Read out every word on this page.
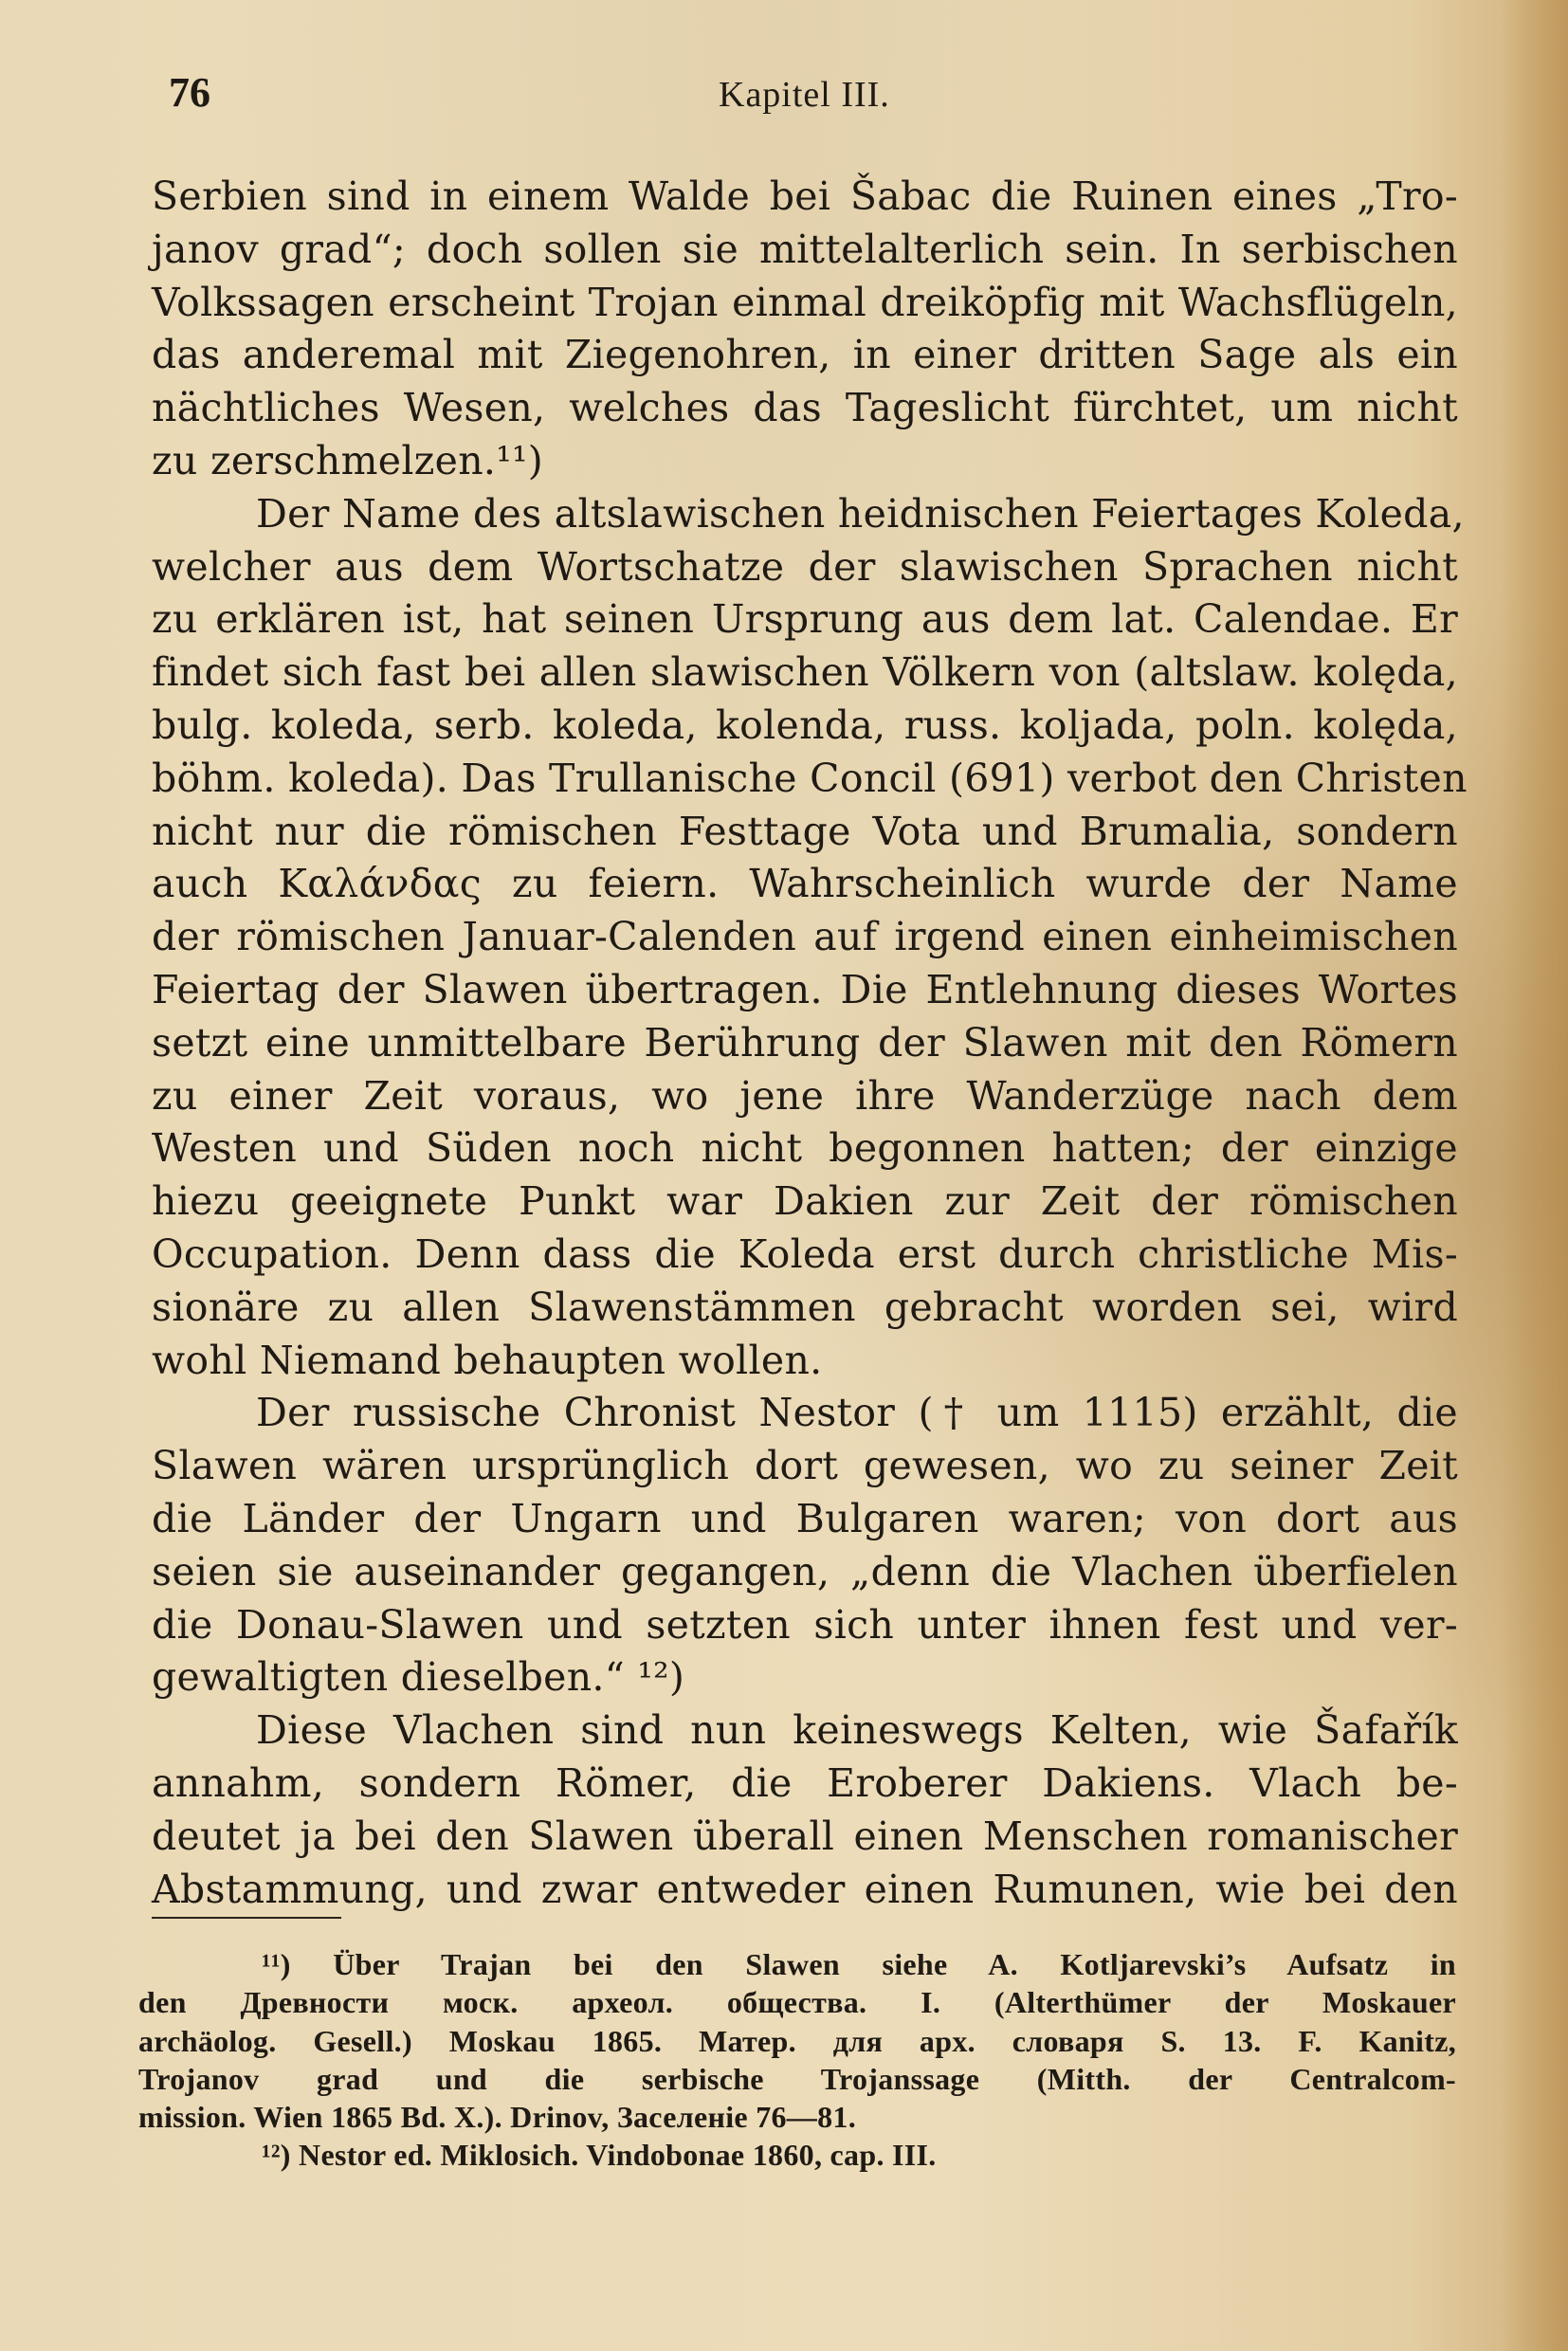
76	Kapitel III.
Serbien sind in einem Walde bei Šabac die Ruinen eines „Tro-
janov grad“; doch sollen sie mittelalterlich sein. In serbischen
Volkssagen erscheint Trojan einmal dreiköpfig mit Wachsflügeln,
das anderemal mit Ziegenohren, in einer dritten Sage als ein
nächtliches Wesen, welches das Tageslicht fürchtet, um nicht
zu zerschmelzen.¹¹)
Der Name des altslawischen heidnischen Feiertages Koleda,
welcher aus dem Wortschatze der slawischen Sprachen nicht
zu erklären ist, hat seinen Ursprung aus dem lat. Calendae. Er
findet sich fast bei allen slawischen Völkern von (altslaw. kolęda,
bulg. koleda, serb. koleda, kolenda, russ. koljada, poln. kolęda,
böhm. koleda). Das Trullanische Concil (691) verbot den Christen
nicht nur die römischen Festtage Vota und Brumalia, sondern
auch Καλάνδας zu feiern. Wahrscheinlich wurde der Name
der römischen Januar-Calenden auf irgend einen einheimischen
Feiertag der Slawen übertragen. Die Entlehnung dieses Wortes
setzt eine unmittelbare Berührung der Slawen mit den Römern
zu einer Zeit voraus, wo jene ihre Wanderzüge nach dem
Westen und Süden noch nicht begonnen hatten; der einzige
hiezu geeignete Punkt war Dakien zur Zeit der römischen
Occupation. Denn dass die Koleda erst durch christliche Mis-
sionäre zu allen Slawenstämmen gebracht worden sei, wird
wohl Niemand behaupten wollen.
Der russische Chronist Nestor († um 1115) erzählt, die
Slawen wären ursprünglich dort gewesen, wo zu seiner Zeit
die Länder der Ungarn und Bulgaren waren; von dort aus
seien sie auseinander gegangen, „denn die Vlachen überfielen
die Donau-Slawen und setzten sich unter ihnen fest und ver-
gewaltigten dieselben.“ ¹²)
Diese Vlachen sind nun keineswegs Kelten, wie Šafařík
annahm, sondern Römer, die Eroberer Dakiens. Vlach be-
deutet ja bei den Slawen überall einen Menschen romanischer
Abstammung, und zwar entweder einen Rumunen, wie bei den
¹¹) Über Trajan bei den Slawen siehe A. Kotljarevski’s Aufsatz in
den Древности моск. археол. общества. I. (Alterthümer der Moskauer
archäolog. Gesell.) Moskau 1865. Матер. для арх. словаря S. 13. F. Kanitz,
Trojanov grad und die serbische Trojanssage (Mitth. der Centralcom-
mission. Wien 1865 Bd. X.). Drinov, Заселенiе 76—81.
¹²) Nestor ed. Miklosich. Vindobonae 1860, cap. III.
